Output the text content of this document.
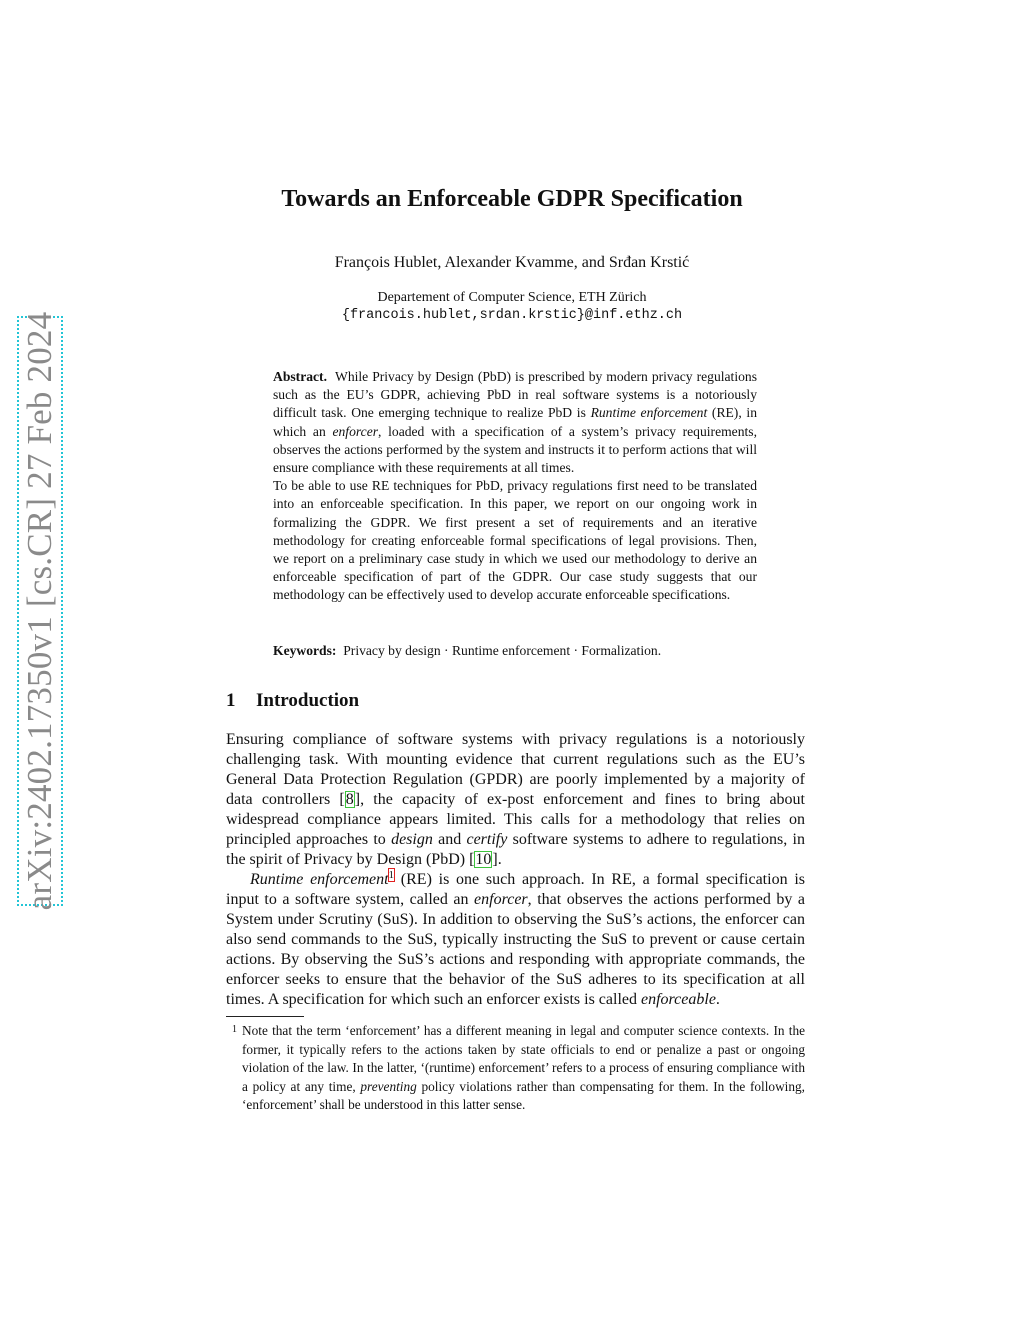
arXiv:2402.17350v1 [cs.CR] 27 Feb 2024
Towards an Enforceable GDPR Specification
François Hublet, Alexander Kvamme, and Srđan Krstić
Departement of Computer Science, ETH Zürich
{francois.hublet,srdan.krstic}@inf.ethz.ch

Abstract. While Privacy by Design (PbD) is prescribed by modern privacy regulations such as the EU’s GDPR, achieving PbD in real software systems is a notoriously difficult task. One emerging technique to realize PbD is Runtime enforcement (RE), in which an enforcer, loaded with a specification of a system’s privacy requirements, observes the actions performed by the system and instructs it to perform actions that will ensure compliance with these requirements at all times.

To be able to use RE techniques for PbD, privacy regulations first need to be translated into an enforceable specification. In this paper, we report on our ongoing work in formalizing the GDPR. We first present a set of requirements and an iterative methodology for creating enforceable formal specifications of legal provisions. Then, we report on a preliminary case study in which we used our methodology to derive an enforceable specification of part of the GDPR. Our case study suggests that our methodology can be effectively used to develop accurate enforceable specifications.

Keywords: Privacy by design · Runtime enforcement · Formalization.
1 Introduction

Ensuring compliance of software systems with privacy regulations is a notoriously challenging task. With mounting evidence that current regulations such as the EU’s General Data Protection Regulation (GPDR) are poorly implemented by a majority of data controllers [8], the capacity of ex-post enforcement and fines to bring about widespread compliance appears limited. This calls for a methodology that relies on principled approaches to design and certify software systems to adhere to regulations, in the spirit of Privacy by Design (PbD) [10].

Runtime enforcement$^1$ (RE) is one such approach. In RE, a formal specification is input to a software system, called an enforcer, that observes the actions performed by a System under Scrutiny (SuS). In addition to observing the SuS’s actions, the enforcer can also send commands to the SuS, typically instructing the SuS to prevent or cause certain actions. By observing the SuS’s actions and responding with appropriate commands, the enforcer seeks to ensure that the behavior of the SuS adheres to its specification at all times. A specification for which such an enforcer exists is called enforceable.

1 Note that the term ‘enforcement’ has a different meaning in legal and computer science contexts. In the former, it typically refers to the actions taken by state officials to end or penalize a past or ongoing violation of the law. In the latter, ‘(runtime) enforcement’ refers to a process of ensuring compliance with a policy at any time, preventing policy violations rather than compensating for them. In the following, ‘enforcement’ shall be understood in this latter sense.
